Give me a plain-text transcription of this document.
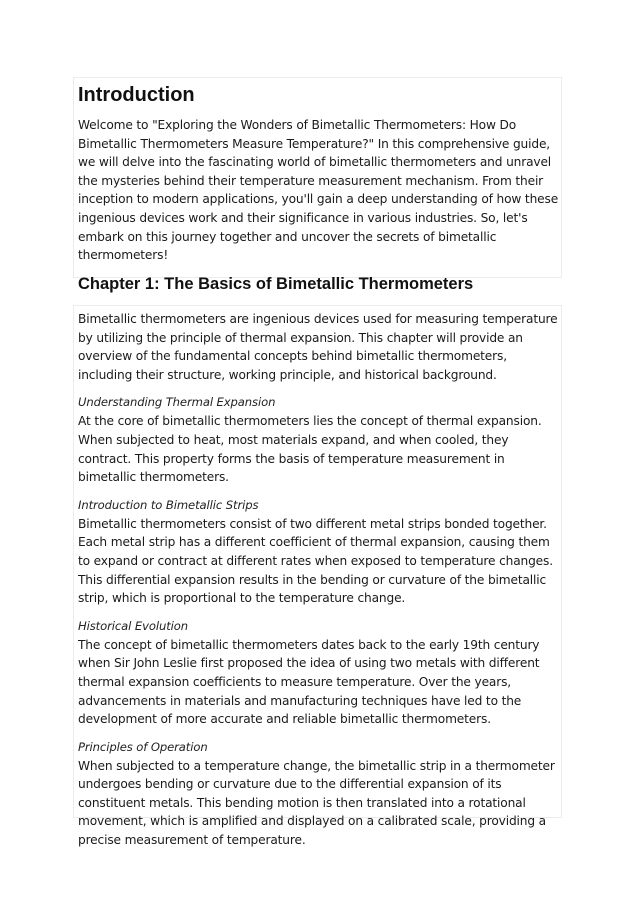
Introduction

Welcome to "Exploring the Wonders of Bimetallic Thermometers: How Do Bimetallic Thermometers Measure Temperature?" In this comprehensive guide, we will delve into the fascinating world of bimetallic thermometers and unravel the mysteries behind their temperature measurement mechanism. From their inception to modern applications, you'll gain a deep understanding of how these ingenious devices work and their significance in various industries. So, let's embark on this journey together and uncover the secrets of bimetallic thermometers!

Chapter 1: The Basics of Bimetallic Thermometers

Bimetallic thermometers are ingenious devices used for measuring temperature by utilizing the principle of thermal expansion. This chapter will provide an overview of the fundamental concepts behind bimetallic thermometers, including their structure, working principle, and historical background.

Understanding Thermal Expansion

At the core of bimetallic thermometers lies the concept of thermal expansion. When subjected to heat, most materials expand, and when cooled, they contract. This property forms the basis of temperature measurement in bimetallic thermometers.

Introduction to Bimetallic Strips

Bimetallic thermometers consist of two different metal strips bonded together. Each metal strip has a different coefficient of thermal expansion, causing them to expand or contract at different rates when exposed to temperature changes. This differential expansion results in the bending or curvature of the bimetallic strip, which is proportional to the temperature change.

Historical Evolution

The concept of bimetallic thermometers dates back to the early 19th century when Sir John Leslie first proposed the idea of using two metals with different thermal expansion coefficients to measure temperature. Over the years, advancements in materials and manufacturing techniques have led to the development of more accurate and reliable bimetallic thermometers.

Principles of Operation

When subjected to a temperature change, the bimetallic strip in a thermometer undergoes bending or curvature due to the differential expansion of its constituent metals. This bending motion is then translated into a rotational movement, which is amplified and displayed on a calibrated scale, providing a precise measurement of temperature.
